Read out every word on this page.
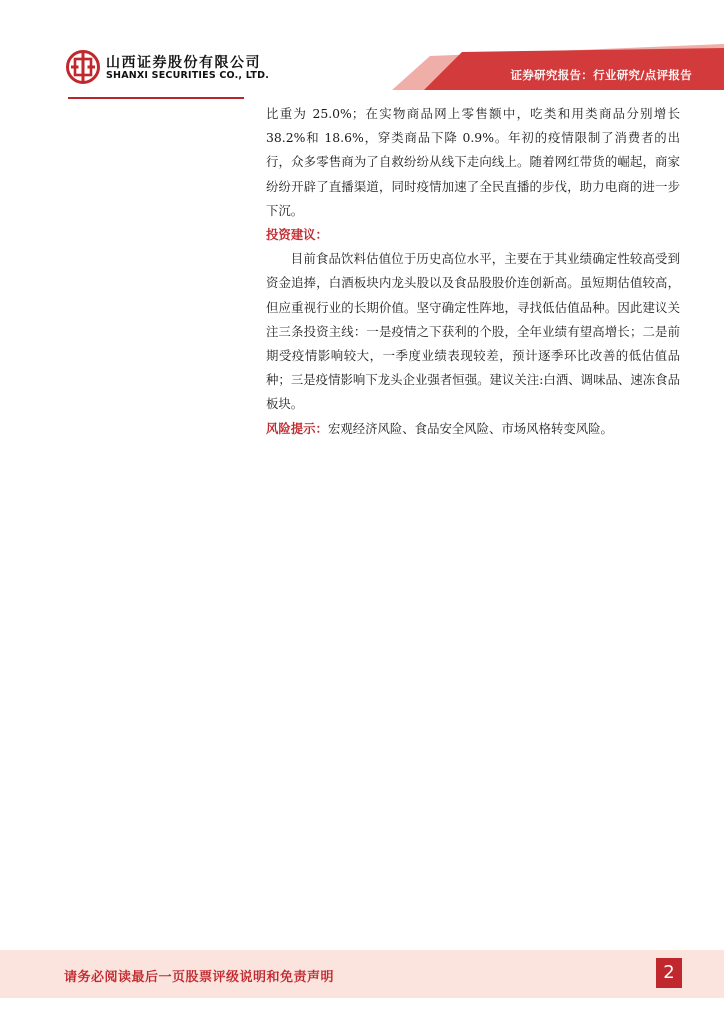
山西证券股份有限公司
SHANXI SECURITIES CO., LTD.	证券研究报告：行业研究/点评报告

比重为 25.0%；在实物商品网上零售额中，吃类和用类商品分别增长 38.2%和 18.6%，穿类商品下降 0.9%。年初的疫情限制了消费者的出行，众多零售商为了自救纷纷从线下走向线上。随着网红带货的崛起，商家纷纷开辟了直播渠道，同时疫情加速了全民直播的步伐，助力电商的进一步下沉。

投资建议：

目前食品饮料估值位于历史高位水平，主要在于其业绩确定性较高受到资金追捧，白酒板块内龙头股以及食品股股价连创新高。虽短期估值较高，但应重视行业的长期价值。坚守确定性阵地，寻找低估值品种。因此建议关注三条投资主线：一是疫情之下获利的个股，全年业绩有望高增长；二是前期受疫情影响较大，一季度业绩表现较差，预计逐季环比改善的低估值品种；三是疫情影响下龙头企业强者恒强。建议关注:白酒、调味品、速冻食品板块。

风险提示：宏观经济风险、食品安全风险、市场风格转变风险。

请务必阅读最后一页股票评级说明和免责声明	2
